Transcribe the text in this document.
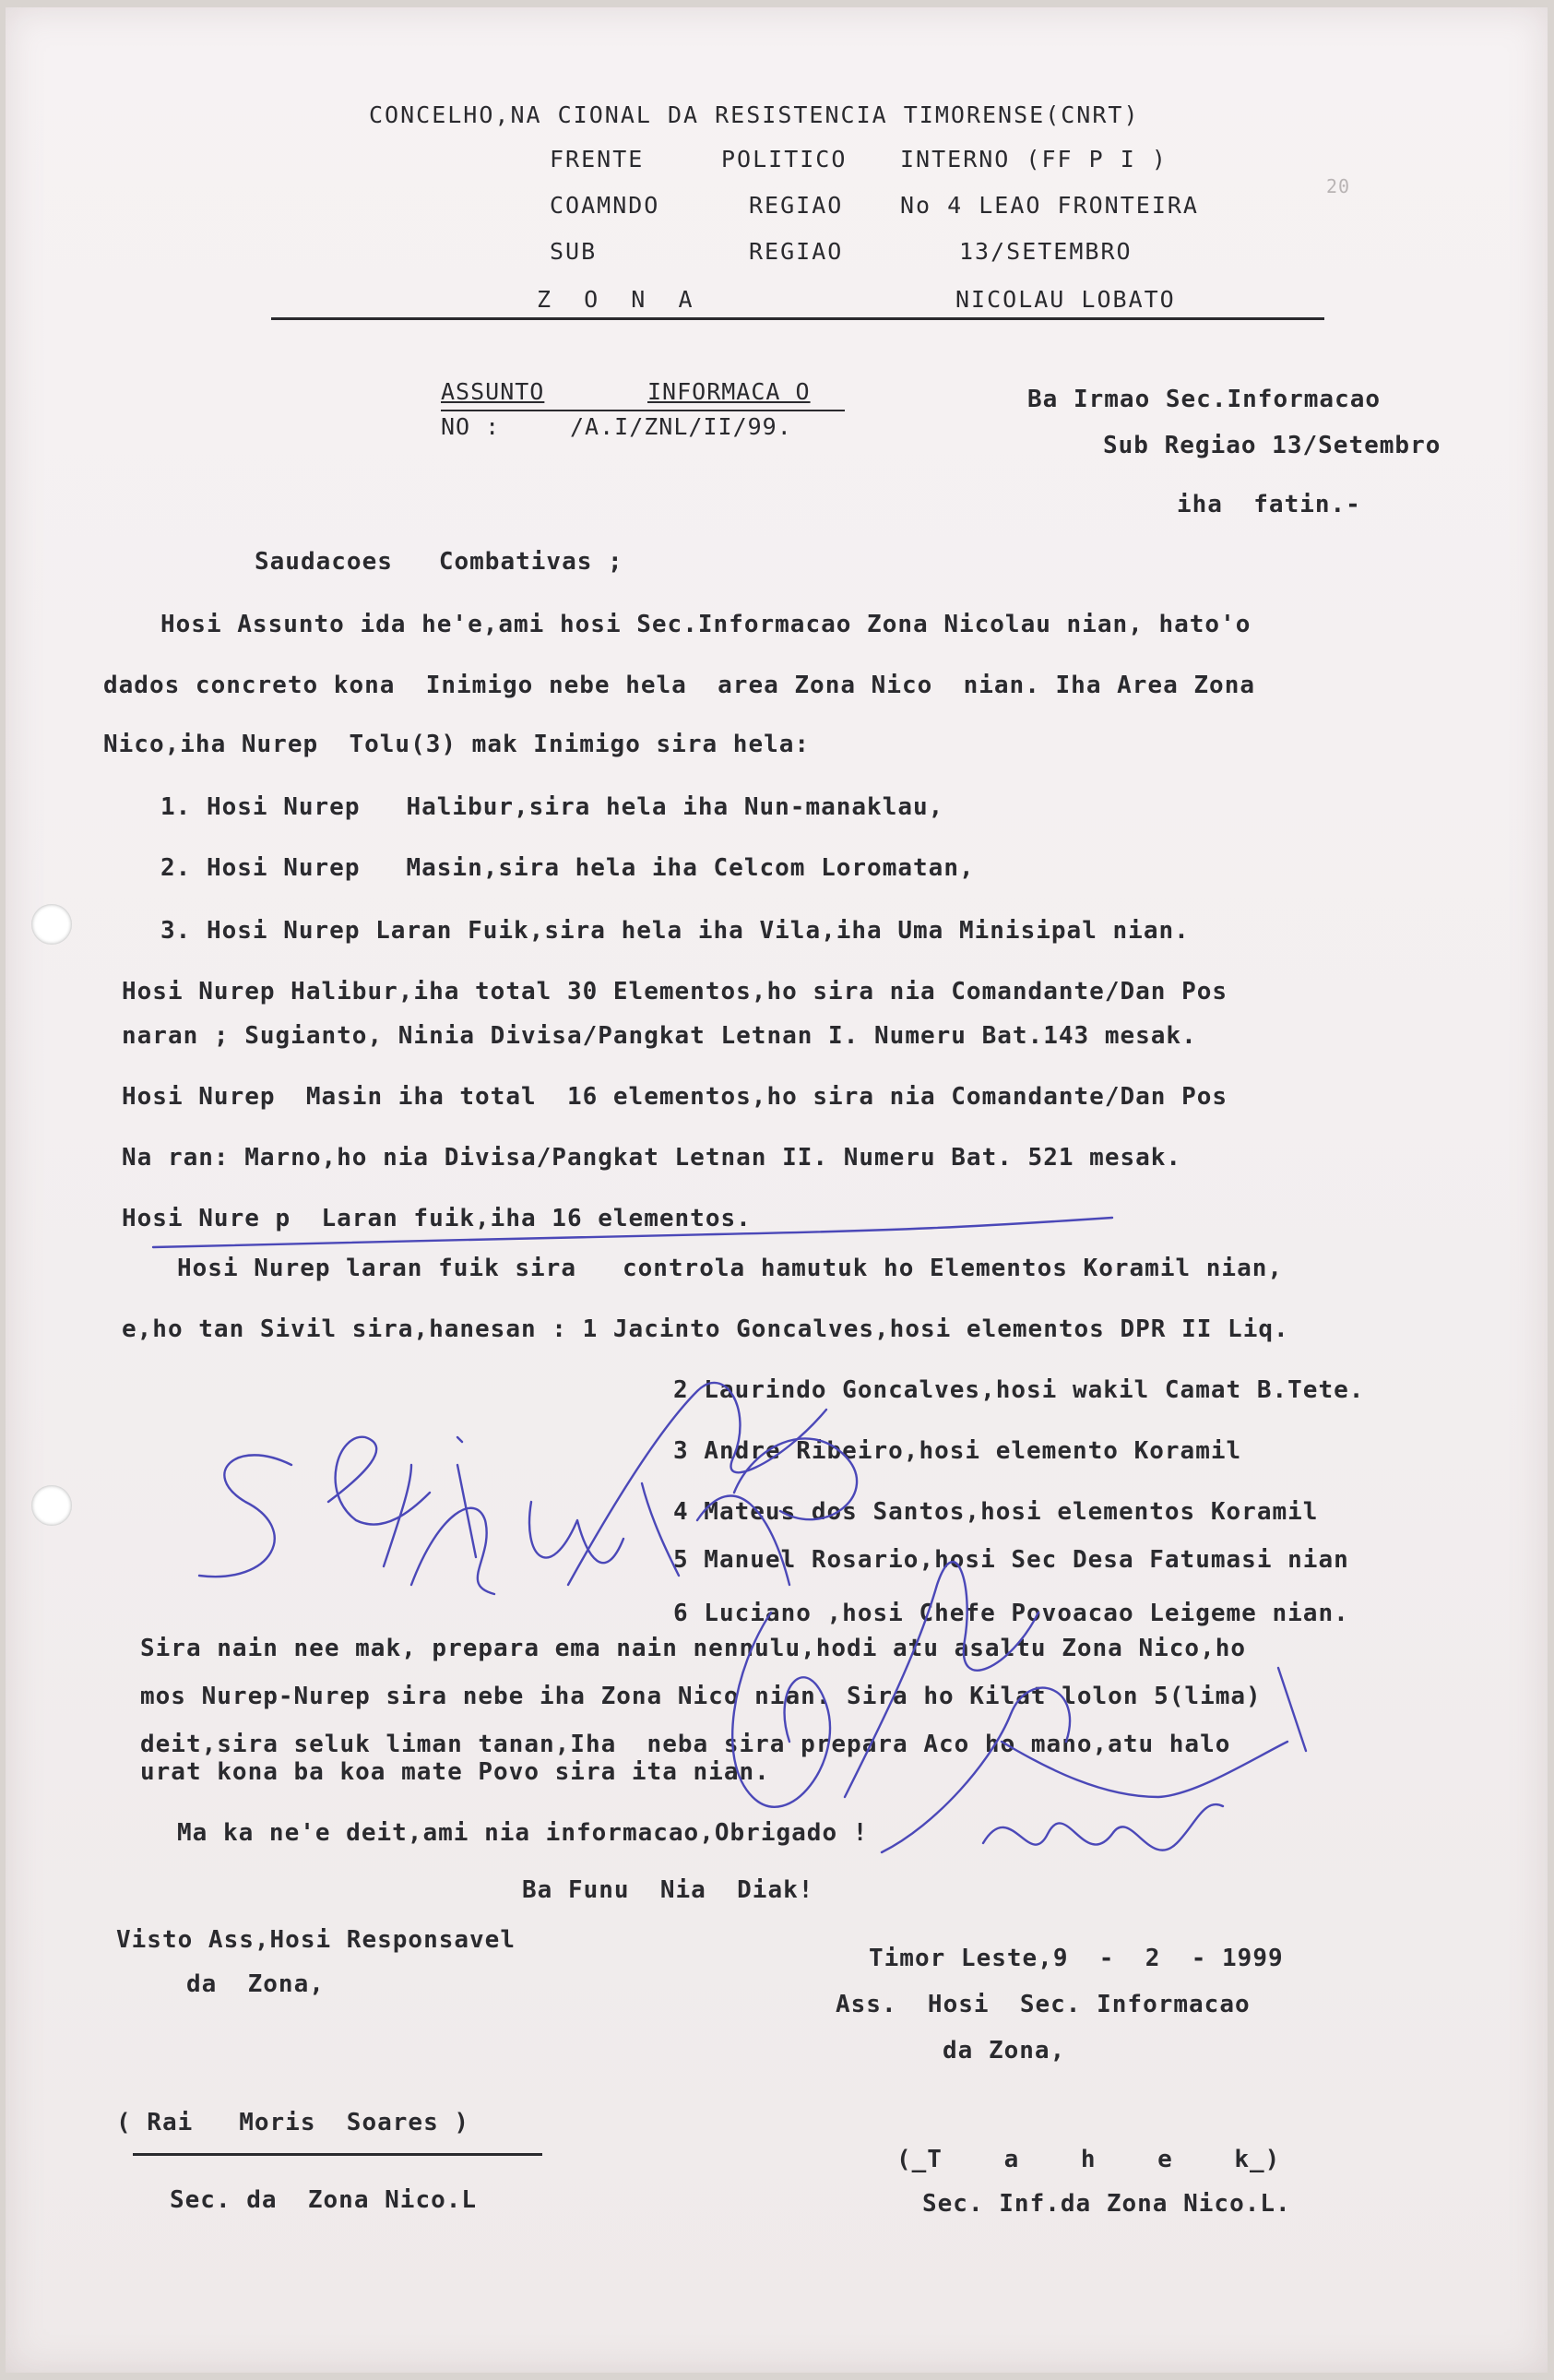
CONCELHO,NA CIONAL DA RESISTENCIA TIMORENSE(CNRT)
FRENTE	POLITICO INTERNO (FF P I )
COAMNDO	REGIAO No 4 LEAO FRONTEIRA
20
SUB	REGIAO	13/SETEMBRO
Z  O  N  A	NICOLAU LOBATO
ASSUNTO	INFORMACA O
NO :	/A.I/ZNL/II/99.
Ba Irmao Sec.Informacao
Sub Regiao 13/Setembro
iha  fatin.-
Saudacoes   Combativas ;
Hosi Assunto ida he'e,ami hosi Sec.Informacao Zona Nicolau nian, hato'o
dados concreto kona  Inimigo nebe hela  area Zona Nico  nian. Iha Area Zona
Nico,iha Nurep  Tolu(3) mak Inimigo sira hela:
1. Hosi Nurep   Halibur,sira hela iha Nun-manaklau,
2. Hosi Nurep   Masin,sira hela iha Celcom Loromatan,
3. Hosi Nurep Laran Fuik,sira hela iha Vila,iha Uma Minisipal nian.
Hosi Nurep Halibur,iha total 30 Elementos,ho sira nia Comandante/Dan Pos
naran ; Sugianto, Ninia Divisa/Pangkat Letnan I. Numeru Bat.143 mesak.
Hosi Nurep  Masin iha total  16 elementos,ho sira nia Comandante/Dan Pos
Na ran: Marno,ho nia Divisa/Pangkat Letnan II. Numeru Bat. 521 mesak.
Hosi Nure p  Laran fuik,iha 16 elementos.
Hosi Nurep laran fuik sira   controla hamutuk ho Elementos Koramil nian,
e,ho tan Sivil sira,hanesan : 1 Jacinto Goncalves,hosi elementos DPR II Liq.
2 Laurindo Goncalves,hosi wakil Camat B.Tete.
3 Andre Ribeiro,hosi elemento Koramil
4 Mateus dos Santos,hosi elementos Koramil
5 Manuel Rosario,hosi Sec Desa Fatumasi nian
6 Luciano ,hosi Chefe Povoacao Leigeme nian.
Sira nain nee mak, prepara ema nain nennulu,hodi atu asaltu Zona Nico,ho
mos Nurep-Nurep sira nebe iha Zona Nico nian. Sira ho Kilat lolon 5(lima)
deit,sira seluk liman tanan,Iha  neba sira prepara Aco ho mano,atu halo
urat kona ba koa mate Povo sira ita nian.
Ma ka ne'e deit,ami nia informacao,Obrigado !
Ba Funu  Nia  Diak!
Visto Ass,Hosi Responsavel
da  Zona,
( Rai   Moris  Soares )
Sec. da  Zona Nico.L
Timor Leste,9  -  2  - 1999
Ass.  Hosi  Sec. Informacao
da Zona,
(_T    a    h    e    k_)
Sec. Inf.da Zona Nico.L.
